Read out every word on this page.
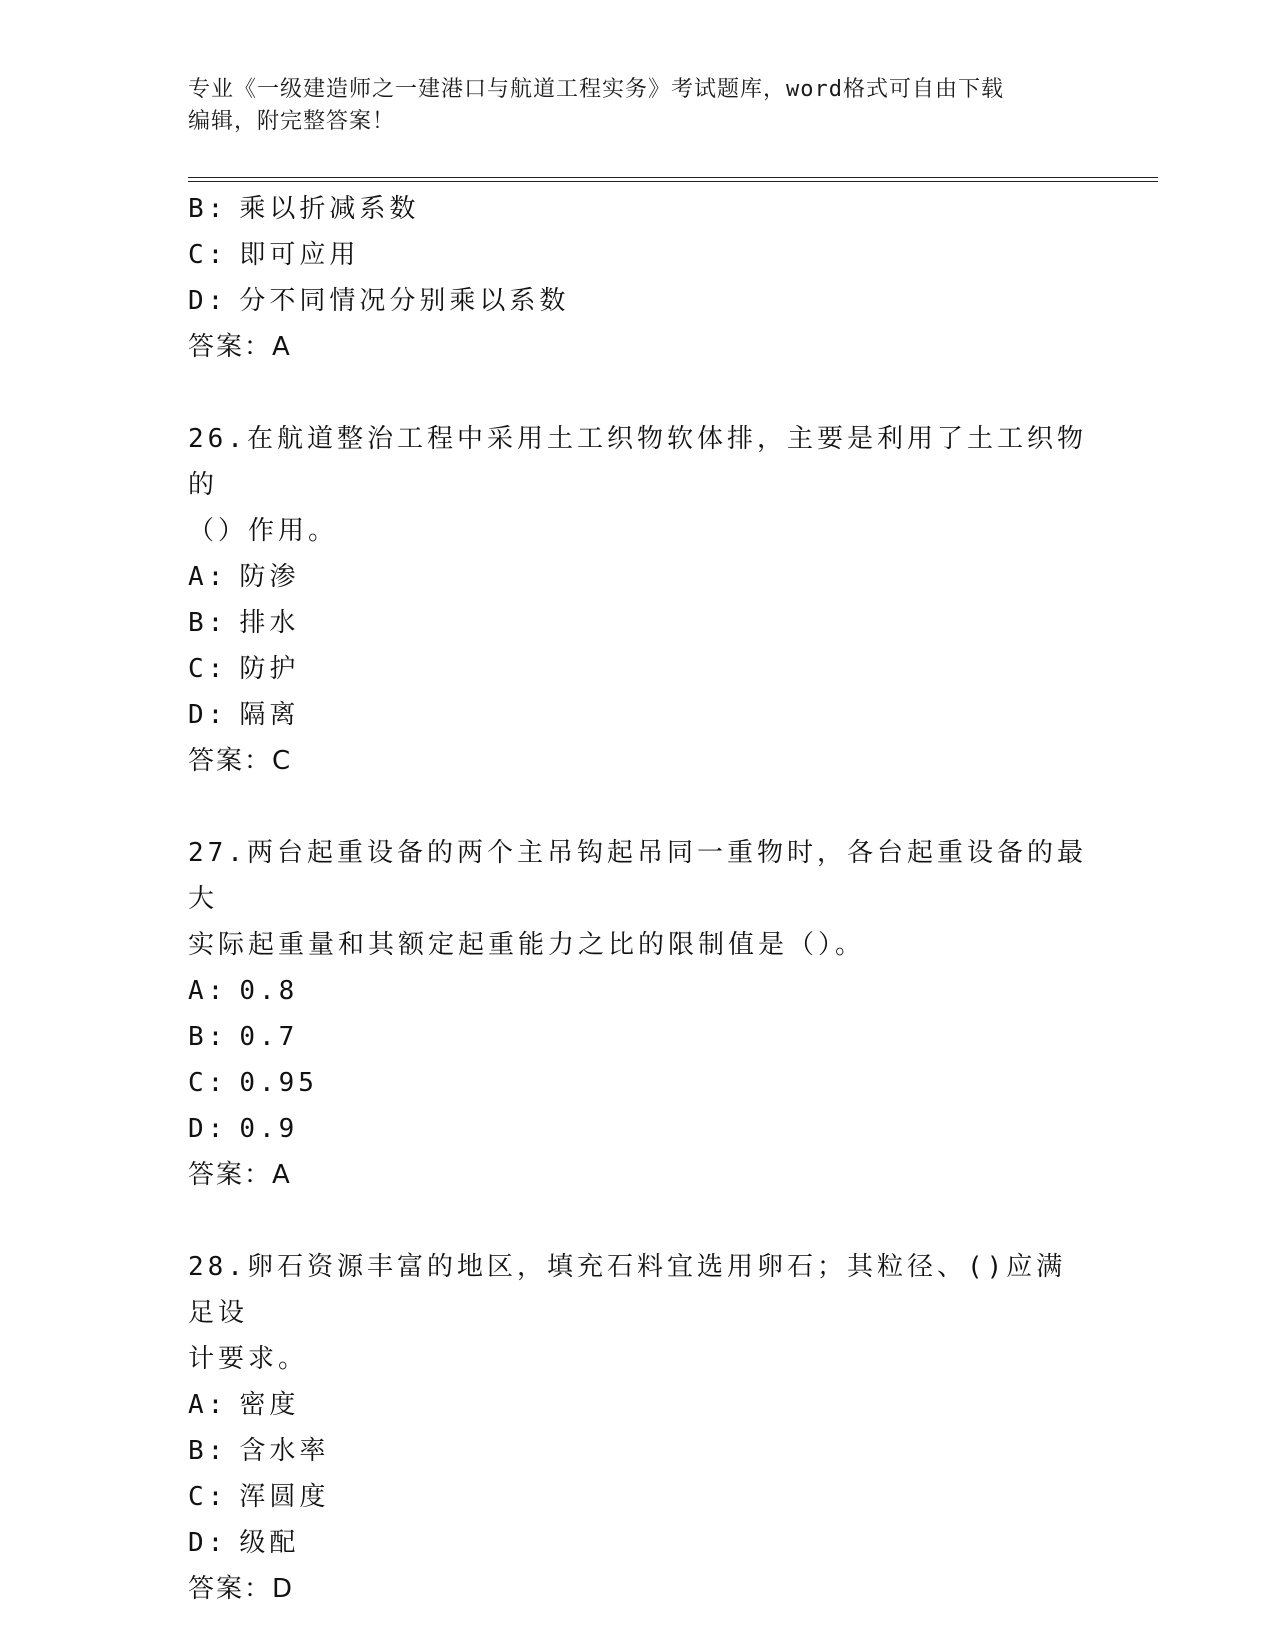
专业《一级建造师之一建港口与航道工程实务》考试题库，word格式可自由下载
编辑，附完整答案！
B: 乘以折减系数
C: 即可应用
D: 分不同情况分别乘以系数
答案：A
26.在航道整治工程中采用土工织物软体排，主要是利用了土工织物的
（）作用。
A: 防渗
B: 排水
C: 防护
D: 隔离
答案：C
27.两台起重设备的两个主吊钩起吊同一重物时，各台起重设备的最大
实际起重量和其额定起重能力之比的限制值是（）。
A: 0.8
B: 0.7
C: 0.95
D: 0.9
答案：A
28.卵石资源丰富的地区，填充石料宜选用卵石；其粒径、()应满足设
计要求。
A: 密度
B: 含水率
C: 浑圆度
D: 级配
答案：D
